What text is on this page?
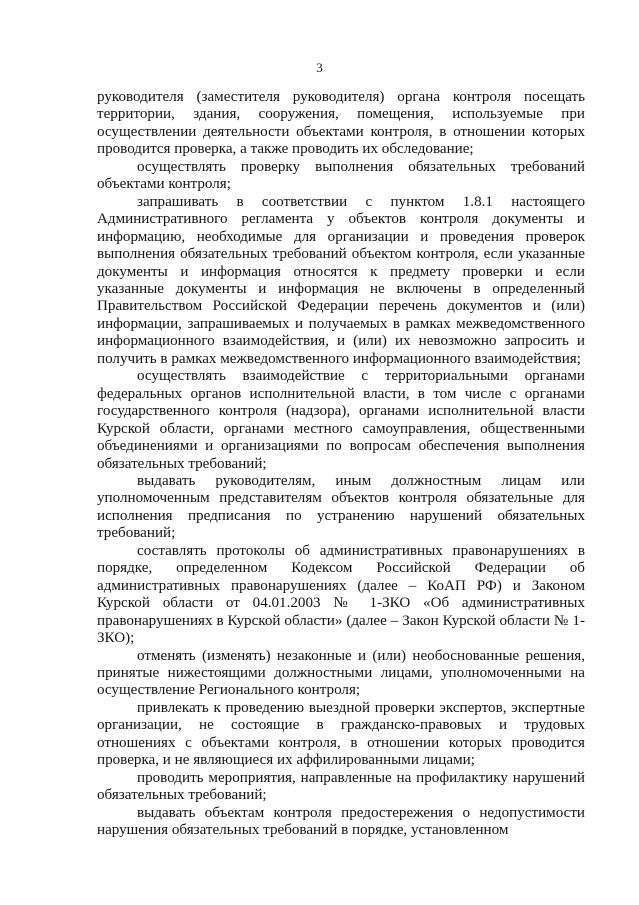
3

руководителя (заместителя руководителя) органа контроля посещать территории, здания, сооружения, помещения, используемые при осуществлении деятельности объектами контроля, в отношении которых проводится проверка, а также проводить их обследование;

осуществлять проверку выполнения обязательных требований объектами контроля;

запрашивать в соответствии с пунктом 1.8.1 настоящего Административного регламента у объектов контроля документы и информацию, необходимые для организации и проведения проверок выполнения обязательных требований объектом контроля, если указанные документы и информация относятся к предмету проверки и если указанные документы и информация не включены в определенный Правительством Российской Федерации перечень документов и (или) информации, запрашиваемых и получаемых в рамках межведомственного информационного взаимодействия, и (или) их невозможно запросить и получить в рамках межведомственного информационного взаимодействия;

осуществлять взаимодействие с территориальными органами федеральных органов исполнительной власти, в том числе с органами государственного контроля (надзора), органами исполнительной власти Курской области, органами местного самоуправления, общественными объединениями и организациями по вопросам обеспечения выполнения обязательных требований;

выдавать руководителям, иным должностным лицам или уполномоченным представителям объектов контроля обязательные для исполнения предписания по устранению нарушений обязательных требований;

составлять протоколы об административных правонарушениях в порядке, определенном Кодексом Российской Федерации об административных правонарушениях (далее – КоАП РФ) и Законом Курской области от 04.01.2003 № 1-ЗКО «Об административных правонарушениях в Курской области» (далее – Закон Курской области № 1-ЗКО);

отменять (изменять) незаконные и (или) необоснованные решения, принятые нижестоящими должностными лицами, уполномоченными на осуществление Регионального контроля;

привлекать к проведению выездной проверки экспертов, экспертные организации, не состоящие в гражданско-правовых и трудовых отношениях с объектами контроля, в отношении которых проводится проверка, и не являющиеся их аффилированными лицами;

проводить мероприятия, направленные на профилактику нарушений обязательных требований;

выдавать объектам контроля предостережения о недопустимости нарушения обязательных требований в порядке, установленном
